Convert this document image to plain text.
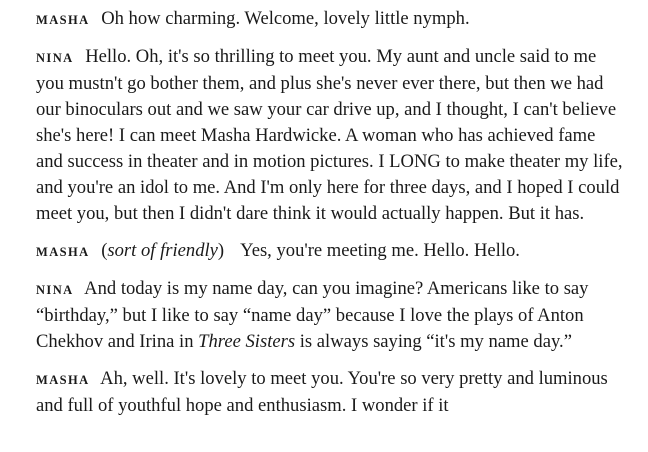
MASHA Oh how charming. Welcome, lovely little nymph.

NINA Hello. Oh, it's so thrilling to meet you. My aunt and uncle said to me you mustn't go bother them, and plus she's never ever there, but then we had our binoculars out and we saw your car drive up, and I thought, I can't believe she's here! I can meet Masha Hardwicke. A woman who has achieved fame and success in theater and in motion pictures. I LONG to make theater my life, and you're an idol to me. And I'm only here for three days, and I hoped I could meet you, but then I didn't dare think it would actually happen. But it has.

MASHA (sort of friendly) Yes, you're meeting me. Hello. Hello.

NINA And today is my name day, can you imagine? Americans like to say “birthday,” but I like to say “name day” because I love the plays of Anton Chekhov and Irina in Three Sisters is always saying “it's my name day.”

MASHA Ah, well. It's lovely to meet you. You're so very pretty and luminous and full of youthful hope and enthusiasm. I wonder if it
